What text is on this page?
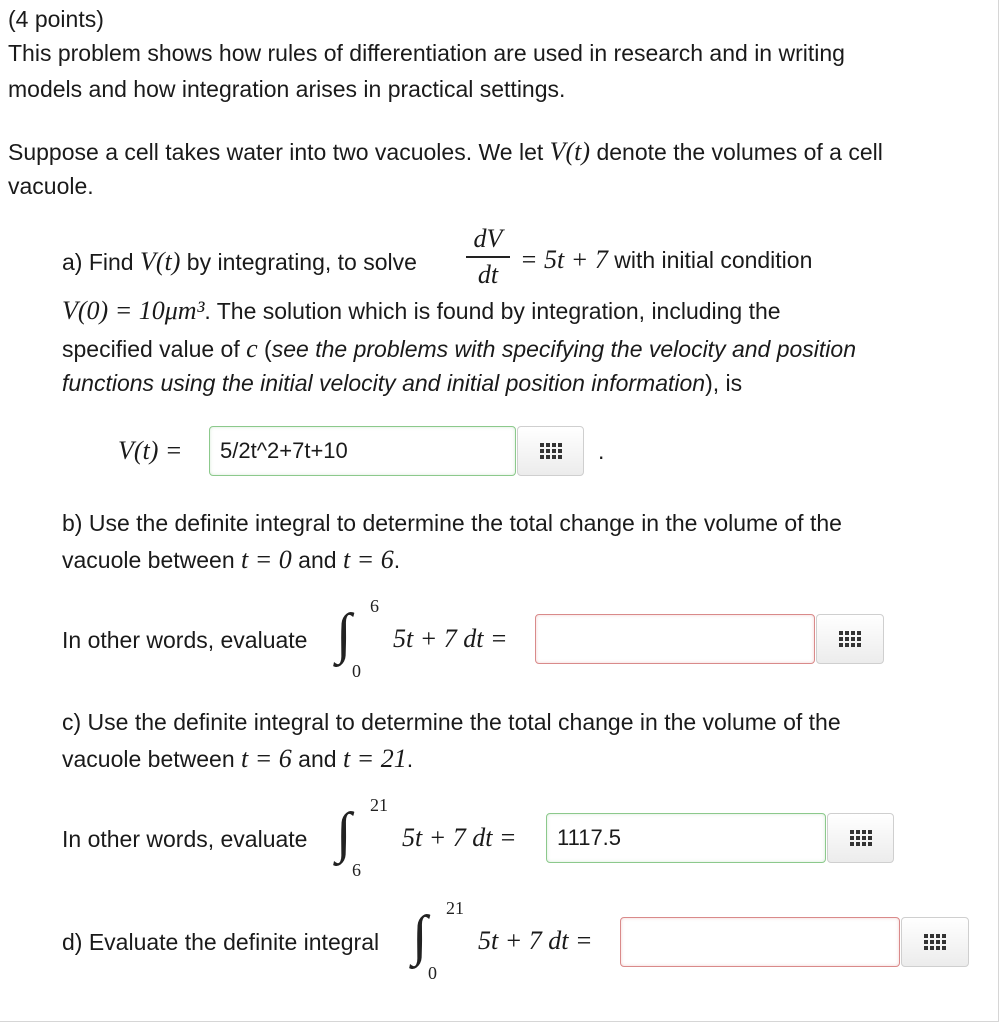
(4 points)
This problem shows how rules of differentiation are used in research and in writing
models and how integration arises in practical settings.
Suppose a cell takes water into two vacuoles. We let V(t) denote the volumes of a cell
vacuole.
a) Find V(t) by integrating, to solve
dV
dt = 5t + 7 with initial condition
V(0) = 10μm³. The solution which is found by integration, including the
specified value of c (see the problems with specifying the velocity and position
functions using the initial velocity and initial position information), is
V(t) =	5/2t^2+7t+10	.
b) Use the definite integral to determine the total change in the volume of the
vacuole between t = 0 and t = 6.
In other words, evaluate ∫ 6
0
5t + 7 dt =
c) Use the definite integral to determine the total change in the volume of the
vacuole between t = 6 and t = 21.
In other words, evaluate ∫ 21
6
5t + 7 dt =	1117.5
d) Evaluate the definite integral ∫ 21
0
5t + 7 dt =
